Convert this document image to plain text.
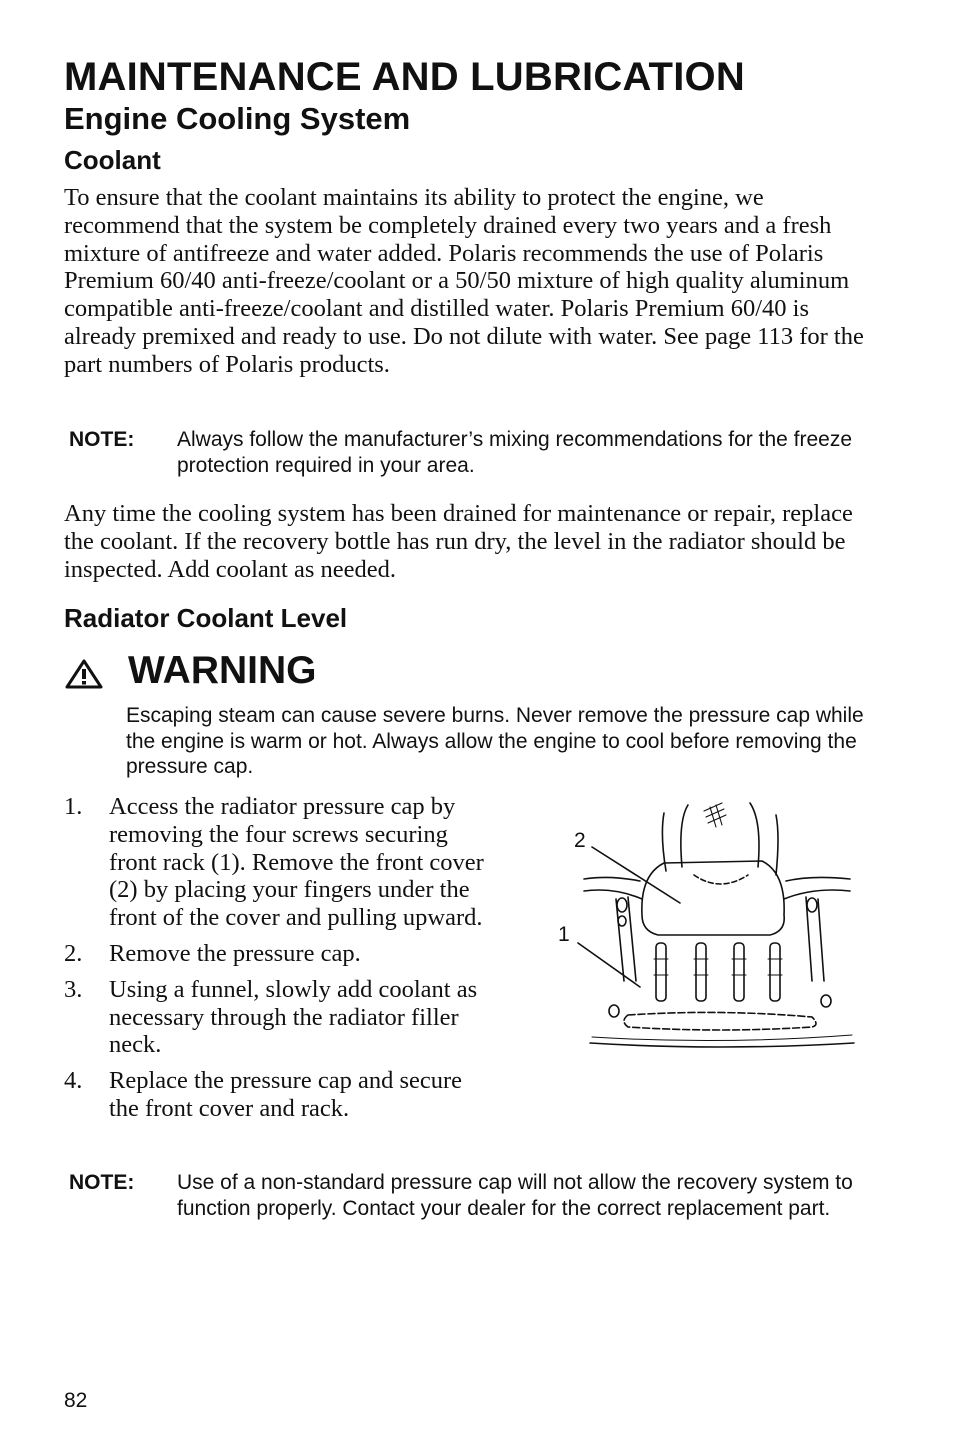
MAINTENANCE AND LUBRICATION
Engine Cooling System
Coolant
To ensure that the coolant maintains its ability to protect the engine, we recommend that the system be completely drained every two years and a fresh mixture of antifreeze and water added. Polaris recommends the use of Polaris Premium 60/40 anti-freeze/coolant or a 50/50 mixture of high quality aluminum compatible anti-freeze/coolant and distilled water. Polaris Premium 60/40 is already premixed and ready to use. Do not dilute with water. See page 113 for the part numbers of Polaris products.
NOTE: Always follow the manufacturer’s mixing recommendations for the freeze protection required in your area.
Any time the cooling system has been drained for maintenance or repair, replace the coolant. If the recovery bottle has run dry, the level in the radiator should be inspected. Add coolant as needed.
Radiator Coolant Level
WARNING
Escaping steam can cause severe burns. Never remove the pressure cap while the engine is warm or hot. Always allow the engine to cool before removing the pressure cap.
1. Access the radiator pressure cap by removing the four screws securing front rack (1). Remove the front cover (2) by placing your fingers under the front of the cover and pulling upward.
2. Remove the pressure cap.
3. Using a funnel, slowly add coolant as necessary through the radiator filler neck.
4. Replace the pressure cap and secure the front cover and rack.
2
1
NOTE: Use of a non-standard pressure cap will not allow the recovery system to function properly. Contact your dealer for the correct replacement part.
82
